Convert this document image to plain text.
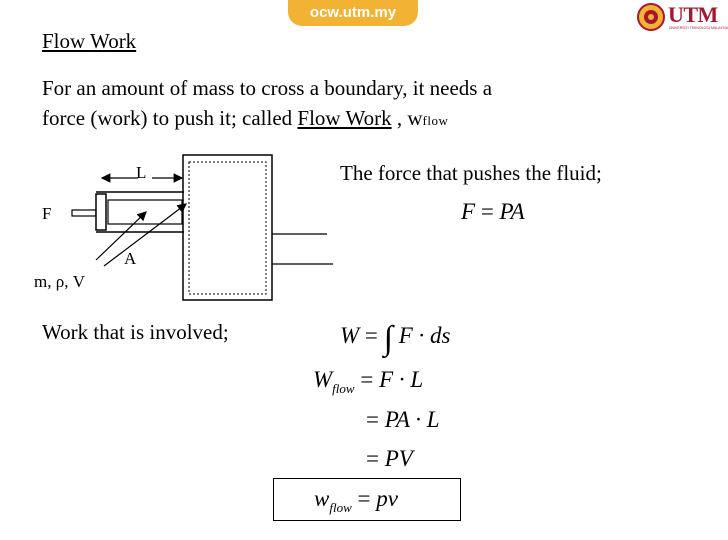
ocw.utm.my	UTM
UNIVERSITI TEKNOLOGI MALAYSIA
Flow Work
For an amount of mass to cross a boundary, it needs a
force (work) to push it; called Flow Work , wflow
L
F
A
m, ρ, V
The force that pushes the fluid;
Work that is involved;
F = PA
W = ∫ F · ds
$W_{flow} = F \cdot L$
= PA · L
= PV
$w_{flow}$ = pv
